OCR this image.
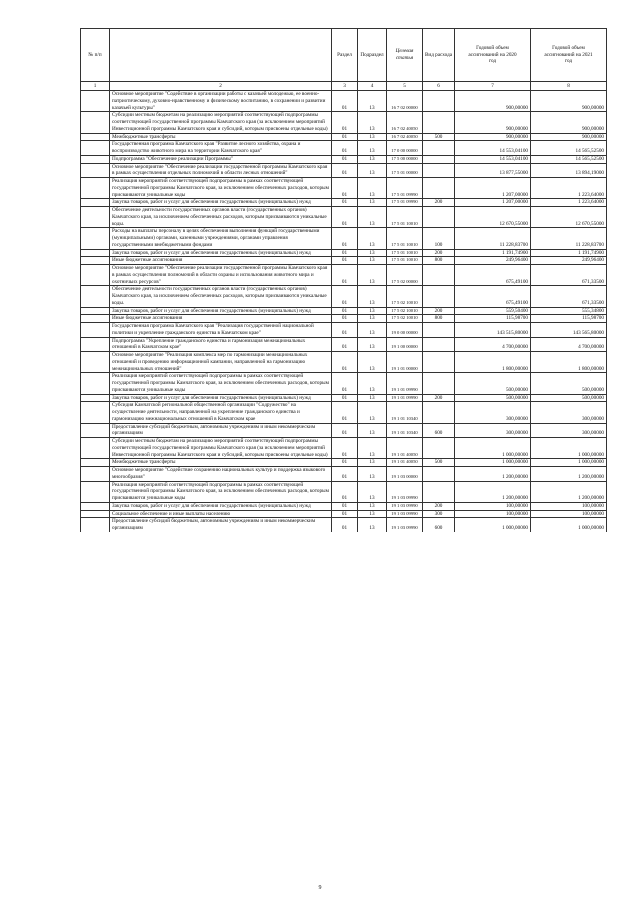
№ п/п		Раздел	Подраздел	Целевая
статья	Вид расхода	Годовой объем
ассигнований на 2020
год	Годовой объем
ассигнований на 2021
год
1	2	3	4	5	6	7	8
	Основное мероприятие "Содействие в организации работы с казачьей молодежью, ее военно-патриотическому, духовно-нравственному и физическому воспитанию, в сохранении и развитии казачьей культуры"	01	13	16 7 02 00000		900,00000	900,00000
	Субсидии местным бюджетам на реализацию мероприятий соответствующей подпрограммы соответствующей государственной программы Камчатского края (за исключением мероприятий Инвестиционной программы Камчатского края и субсидий, которым присвоены отдельные коды)	01	13	16 7 02 40050		900,00000	900,00000
	Межбюджетные трансферты	01	13	16 7 02 40050	500	900,00000	900,00000
	Государственная программа Камчатского края "Развитие лесного хозяйства, охрана и воспроизводство животного мира на территории Камчатского края"	01	13	17 0 00 00000		14 553,04100	14 565,52500
	Подпрограмма "Обеспечение реализации Программы"	01	13	17 5 00 00000		14 553,04100	14 565,52500
	Основное мероприятие "Обеспечение реализации государственной программы Камчатского края в рамках осуществления отдельных полномочий в области лесных отношений"	01	13	17 5 01 00000		13 877,55000	13 894,19000
	Реализация мероприятий соответствующей подпрограммы в рамках соответствующей государственной программы Камчатского края, за исключением обеспеченных расходов, которым присваиваются уникальные коды	01	13	17 5 01 09990		1 207,00000	1 223,64000
	Закупка товаров, работ и услуг для обеспечения государственных (муниципальных) нужд	01	13	17 5 01 09990	200	1 207,00000	1 223,64000
	Обеспечение деятельности государственных органов власти (государственных органов) Камчатского края, за исключением обеспеченных расходов, которым присваиваются уникальные коды.	01	13	17 5 01 10010		12 670,55000	12 670,55000
	Расходы на выплаты персоналу в целях обеспечения выполнения функций государственными (муниципальными) органами, казенными учреждениями, органами управления государственными внебюджетными фондами	01	13	17 5 01 10010	100	11 228,83700	11 228,83700
	Закупка товаров, работ и услуг для обеспечения государственных (муниципальных) нужд	01	13	17 5 01 10010	200	1 191,74900	1 191,74900
	Иные бюджетные ассигнования	01	13	17 5 01 10010	800	249,96400	249,96400
	Основное мероприятие "Обеспечение реализации государственной программы Камчатского края в рамках осуществления полномочий в области охраны и использования животного мира и охотничьих ресурсов"	01	13	17 5 02 00000		675,49100	671,33500
	Обеспечение деятельности государственных органов власти (государственных органов) Камчатского края, за исключением обеспеченных расходов, которым присваиваются уникальные коды.	01	13	17 5 02 10010		675,49100	671,33500
	Закупка товаров, работ и услуг для обеспечения государственных (муниципальных) нужд	01	13	17 5 02 10010	200	559,50400	555,34800
	Иные бюджетные ассигнования	01	13	17 5 02 10010	800	115,98700	115,98700
	Государственная программа Камчатского края "Реализация государственной национальной политики и укрепление гражданского единства в Камчатском крае"	01	13	19 0 00 00000		143 515,80000	143 565,80000
	Подпрограмма "Укрепление гражданского единства и гармонизация межнациональных отношений в Камчатском крае"	01	13	19 1 00 00000		4 700,00000	4 700,00000
	Основное мероприятие "Реализация комплекса мер по гармонизации межнациональных отношений и проведению информационной кампании, направленной на гармонизацию межнациональных отношений"	01	13	19 1 01 00000		1 800,00000	1 800,00000
	Реализация мероприятий соответствующей подпрограммы в рамках соответствующей государственной программы Камчатского края, за исключением обеспеченных расходов, которым присваиваются уникальные коды	01	13	19 1 01 09990		500,00000	500,00000
	Закупка товаров, работ и услуг для обеспечения государственных (муниципальных) нужд	01	13	19 1 01 09990	200	500,00000	500,00000
	Субсидия Камчатской региональной общественной организации "Содружество" на осуществление деятельности, направленной на укрепление гражданского единства и гармонизацию межнациональных отношений в Камчатском крае	01	13	19 1 01 10340		300,00000	300,00000
	Предоставление субсидий бюджетным, автономным учреждениям и иным некоммерческим организациям	01	13	19 1 01 10340	600	300,00000	300,00000
	Субсидии местным бюджетам на реализацию мероприятий соответствующей подпрограммы соответствующей государственной программы Камчатского края (за исключением мероприятий Инвестиционной программы Камчатского края и субсидий, которым присвоены отдельные коды)	01	13	19 1 01 40050		1 000,00000	1 000,00000
	Межбюджетные трансферты	01	13	19 1 01 40050	500	1 000,00000	1 000,00000
	Основное мероприятие "Содействие сохранению национальных культур и поддержка языкового многообразия"	01	13	19 1 03 00000		1 200,00000	1 200,00000
	Реализация мероприятий соответствующей подпрограммы в рамках соответствующей государственной программы Камчатского края, за исключением обеспеченных расходов, которым присваиваются уникальные коды	01	13	19 1 03 09990		1 200,00000	1 200,00000
	Закупка товаров, работ и услуг для обеспечения государственных (муниципальных) нужд	01	13	19 1 03 09990	200	100,00000	100,00000
	Социальное обеспечение и иные выплаты населению	01	13	19 1 03 09990	300	100,00000	100,00000
	Предоставление субсидий бюджетным, автономным учреждениям и иным некоммерческим организациям	01	13	19 1 03 09990	600	1 000,00000	1 000,00000
9
